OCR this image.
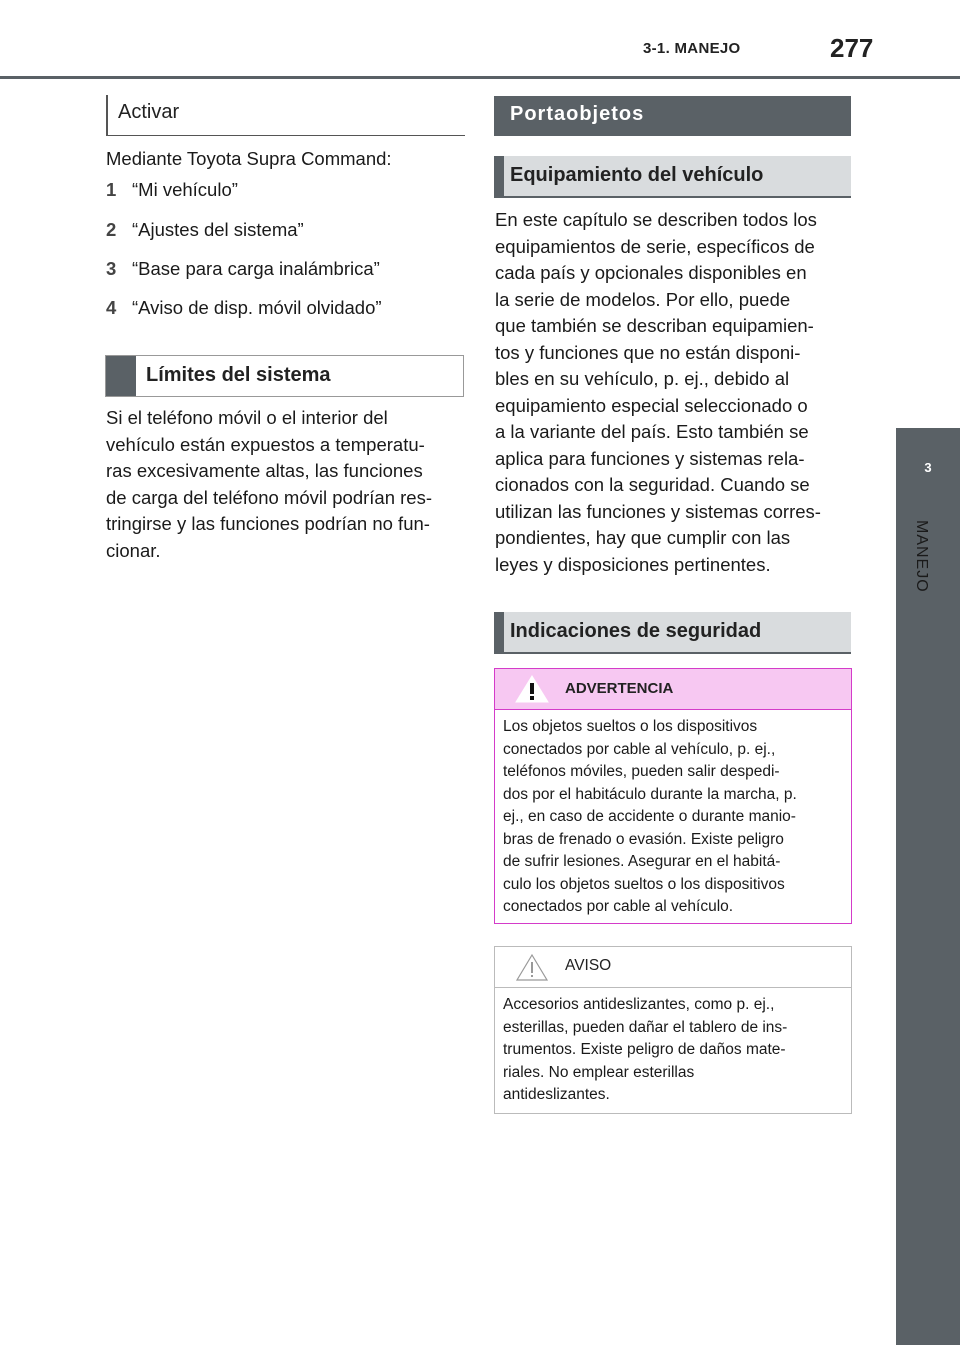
3-1. MANEJO	277
3
MANEJO
Activar
Mediante Toyota Supra Command:
1 “Mi vehículo”
2 “Ajustes del sistema”
3 “Base para carga inalámbrica”
4 “Aviso de disp. móvil olvidado”
Límites del sistema
Si el teléfono móvil o el interior del
vehículo están expuestos a temperatu-
ras excesivamente altas, las funciones
de carga del teléfono móvil podrían res-
tringirse y las funciones podrían no fun-
cionar.
Portaobjetos
Equipamiento del vehículo
En este capítulo se describen todos los
equipamientos de serie, específicos de
cada país y opcionales disponibles en
la serie de modelos. Por ello, puede
que también se describan equipamien-
tos y funciones que no están disponi-
bles en su vehículo, p. ej., debido al
equipamiento especial seleccionado o
a la variante del país. Esto también se
aplica para funciones y sistemas rela-
cionados con la seguridad. Cuando se
utilizan las funciones y sistemas corres-
pondientes, hay que cumplir con las
leyes y disposiciones pertinentes.
Indicaciones de seguridad
ADVERTENCIA
Los objetos sueltos o los dispositivos
conectados por cable al vehículo, p. ej.,
teléfonos móviles, pueden salir despedi-
dos por el habitáculo durante la marcha, p.
ej., en caso de accidente o durante manio-
bras de frenado o evasión. Existe peligro
de sufrir lesiones. Asegurar en el habitá-
culo los objetos sueltos o los dispositivos
conectados por cable al vehículo.
AVISO
Accesorios antideslizantes, como p. ej.,
esterillas, pueden dañar el tablero de ins-
trumentos. Existe peligro de daños mate-
riales. No emplear esterillas
antideslizantes.
